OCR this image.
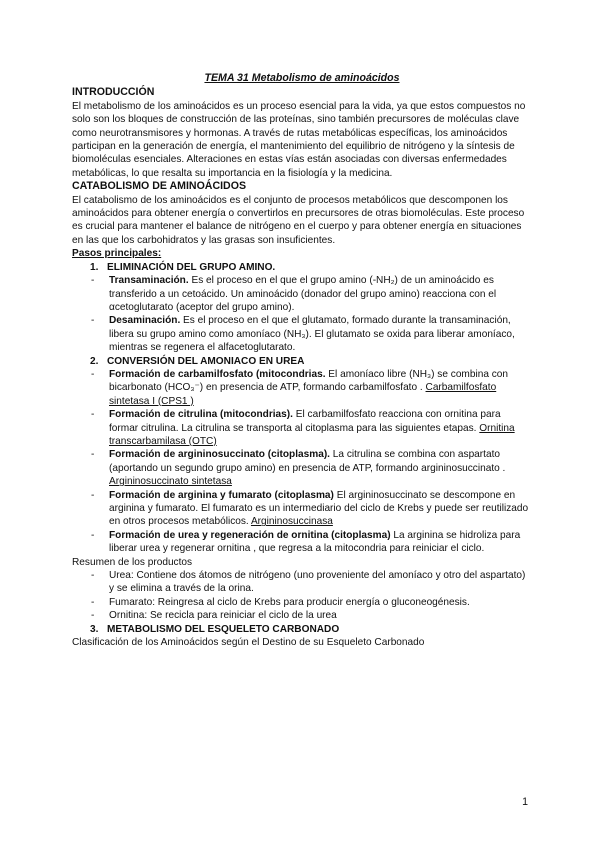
TEMA 31 Metabolismo de aminoácidos
INTRODUCCIÓN

El metabolismo de los aminoácidos es un proceso esencial para la vida, ya que estos compuestos no solo son los bloques de construcción de las proteínas, sino también precursores de moléculas clave como neurotransmisores y hormonas. A través de rutas metabólicas específicas, los aminoácidos participan en la generación de energía, el mantenimiento del equilibrio de nitrógeno y la síntesis de biomoléculas esenciales. Alteraciones en estas vías están asociadas con diversas enfermedades metabólicas, lo que resalta su importancia en la fisiología y la medicina.

CATABOLISMO DE AMINOÁCIDOS

El catabolismo de los aminoácidos es el conjunto de procesos metabólicos que descomponen los aminoácidos para obtener energía o convertirlos en precursores de otras biomoléculas. Este proceso es crucial para mantener el balance de nitrógeno en el cuerpo y para obtener energía en situaciones en las que los carbohidratos y las grasas son insuficientes.

Pasos principales:
1. ELIMINACIÓN DEL GRUPO AMINO.
-	Transaminación. Es el proceso en el que el grupo amino (-NH₂) de un aminoácido es transferido a un cetoácido. Un aminoácido (donador del grupo amino) reacciona con el αcetoglutarato (aceptor del grupo amino).
-	Desaminación. Es el proceso en el que el glutamato, formado durante la transaminación, libera su grupo amino como amoníaco (NH₃). El glutamato se oxida para liberar amoníaco, mientras se regenera el alfacetoglutarato.
2. CONVERSIÓN DEL AMONIACO EN UREA
-	Formación de carbamilfosfato (mitocondrias. El amoníaco libre (NH₃) se combina con bicarbonato (HCO₃⁻) en presencia de ATP, formando carbamilfosfato . Carbamilfosfato sintetasa I (CPS1 )
-	Formación de citrulina (mitocondrias). El carbamilfosfato reacciona con ornitina para formar citrulina. La citrulina se transporta al citoplasma para las siguientes etapas. Ornitina transcarbamilasa (OTC)
-	Formación de argininosuccinato (citoplasma). La citrulina se combina con aspartato (aportando un segundo grupo amino) en presencia de ATP, formando argininosuccinato . Argininosuccinato sintetasa
-	Formación de arginina y fumarato (citoplasma) El argininosuccinato se descompone en arginina y fumarato. El fumarato es un intermediario del ciclo de Krebs y puede ser reutilizado en otros procesos metabólicos. Argininosuccinasa
-	Formación de urea y regeneración de ornitina (citoplasma) La arginina se hidroliza para liberar urea y regenerar ornitina , que regresa a la mitocondria para reiniciar el ciclo.
Resumen de los productos
-	Urea: Contiene dos átomos de nitrógeno (uno proveniente del amoníaco y otro del aspartato) y se elimina a través de la orina.
-	Fumarato: Reingresa al ciclo de Krebs para producir energía o gluconeogénesis.
-	Ornitina: Se recicla para reiniciar el ciclo de la urea
3. METABOLISMO DEL ESQUELETO CARBONADO

Clasificación de los Aminoácidos según el Destino de su Esqueleto Carbonado

1
